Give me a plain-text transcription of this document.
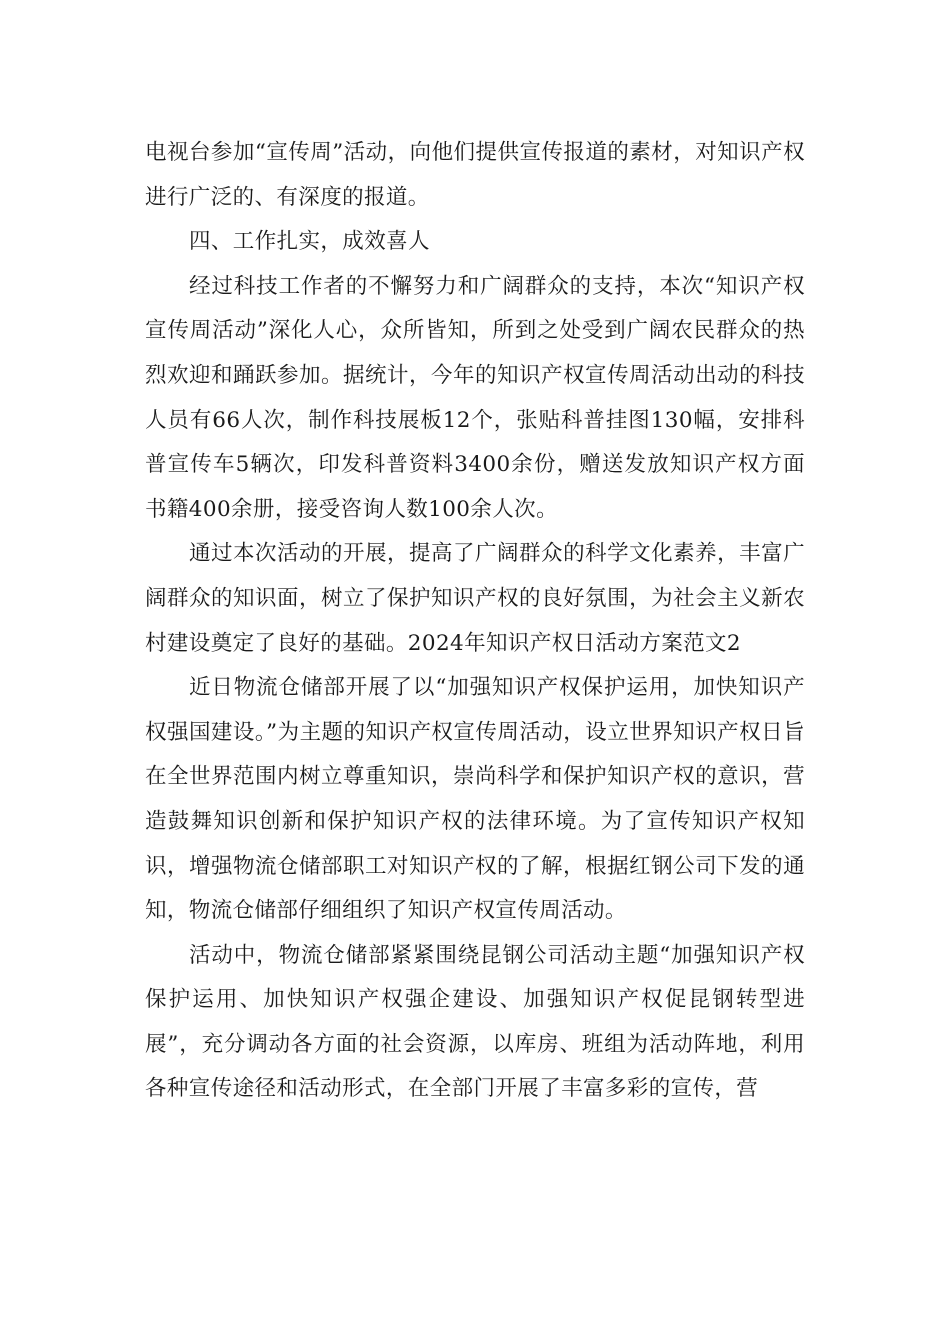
电视台参加“宣传周”活动，向他们提供宣传报道的素材，对知识产权进行广泛的、有深度的报道。

四、工作扎实，成效喜人

经过科技工作者的不懈努力和广阔群众的支持，本次“知识产权宣传周活动”深化人心，众所皆知，所到之处受到广阔农民群众的热烈欢迎和踊跃参加。据统计，今年的知识产权宣传周活动出动的科技人员有66人次，制作科技展板12个，张贴科普挂图130幅，安排科普宣传车5辆次，印发科普资料3400余份，赠送发放知识产权方面书籍400余册，接受咨询人数100余人次。

通过本次活动的开展，提高了广阔群众的科学文化素养，丰富广阔群众的知识面，树立了保护知识产权的良好氛围，为社会主义新农村建设奠定了良好的基础。2024年知识产权日活动方案范文2

近日物流仓储部开展了以“加强知识产权保护运用，加快知识产权强国建设。”为主题的知识产权宣传周活动，设立世界知识产权日旨在全世界范围内树立尊重知识，崇尚科学和保护知识产权的意识，营造鼓舞知识创新和保护知识产权的法律环境。为了宣传知识产权知识，增强物流仓储部职工对知识产权的了解，根据红钢公司下发的通知，物流仓储部仔细组织了知识产权宣传周活动。

活动中，物流仓储部紧紧围绕昆钢公司活动主题“加强知识产权保护运用、加快知识产权强企建设、加强知识产权促昆钢转型进展”，充分调动各方面的社会资源，以库房、班组为活动阵地，利用各种宣传途径和活动形式，在全部门开展了丰富多彩的宣传，营
